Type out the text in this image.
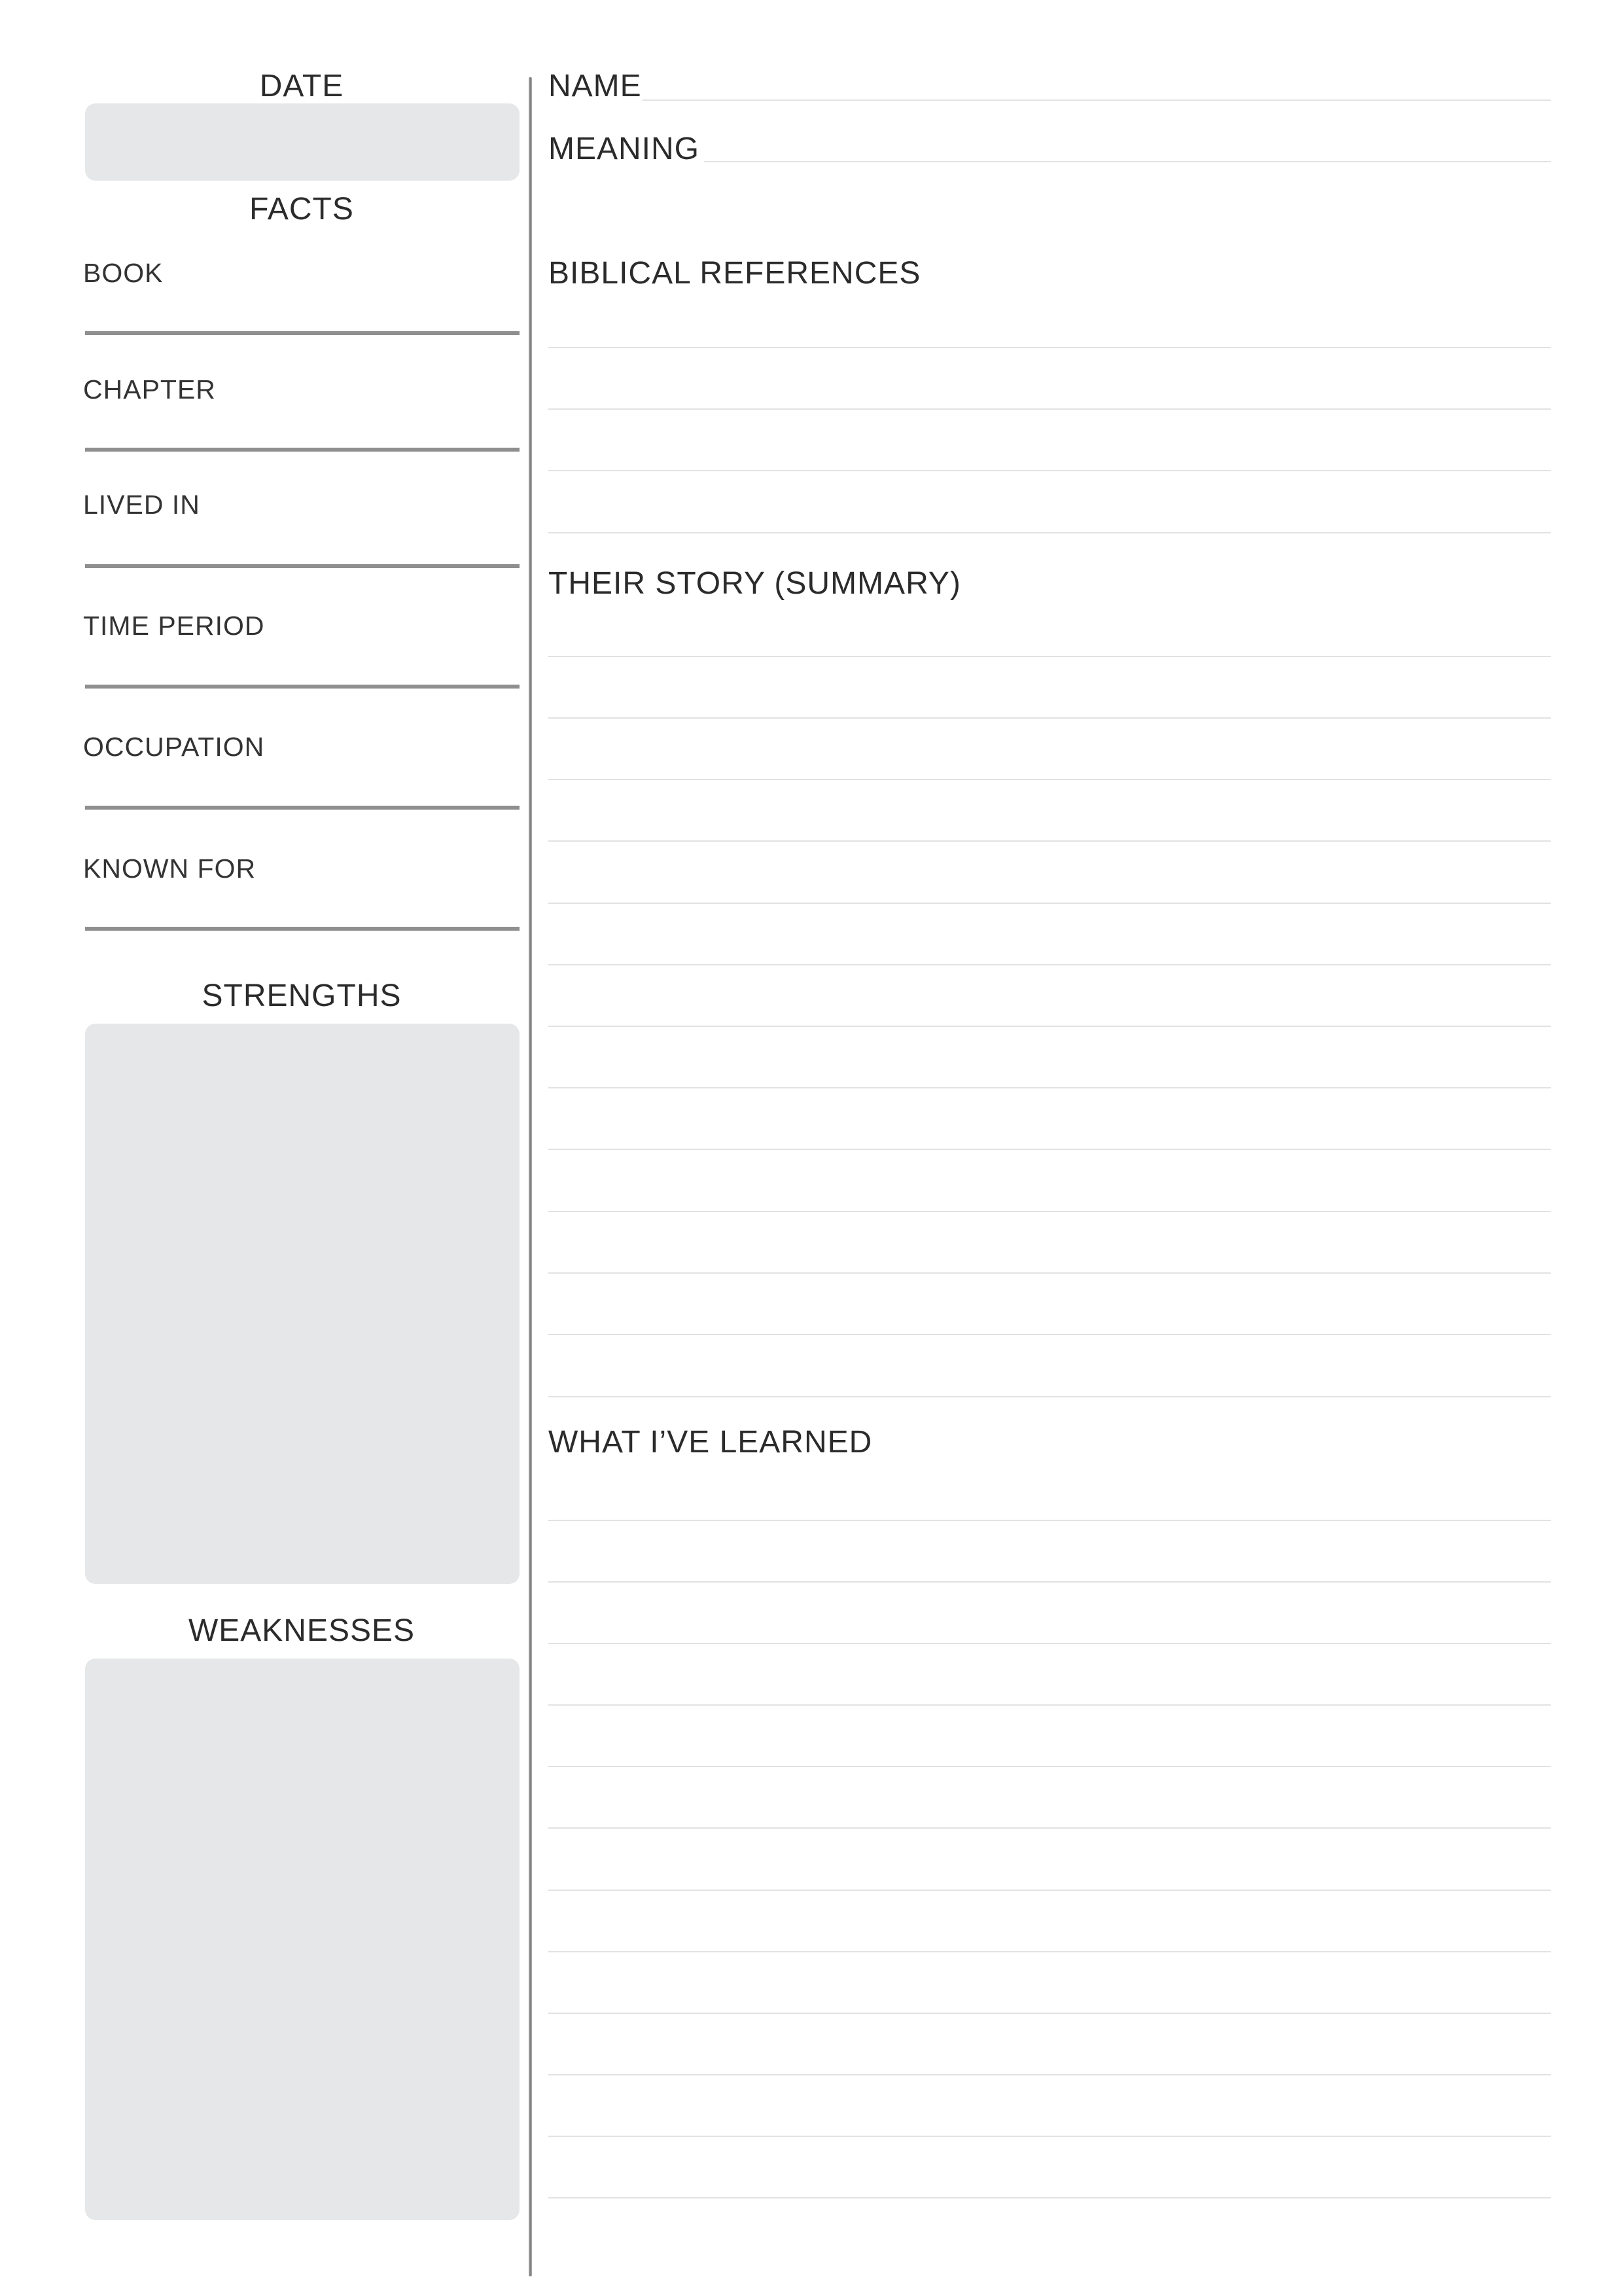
DATE
FACTS
BOOK
CHAPTER
LIVED IN
TIME PERIOD
OCCUPATION
KNOWN FOR
STRENGTHS
WEAKNESSES
NAME
MEANING
BIBLICAL REFERENCES
THEIR STORY (SUMMARY)
WHAT I’VE LEARNED
